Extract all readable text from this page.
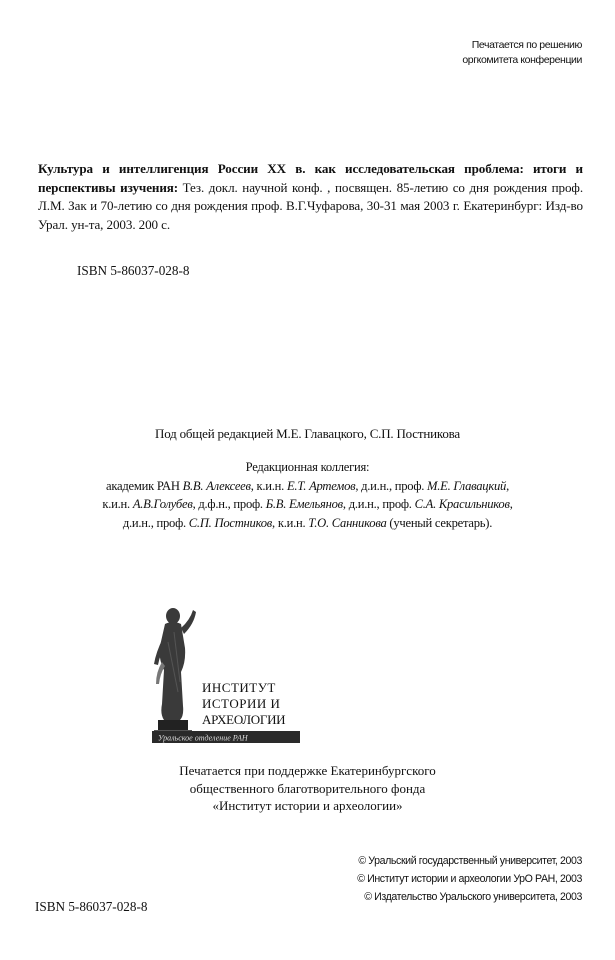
Печатается по решению
оргкомитета конференции
Культура и интеллигенция России XX в. как исследовательская проблема: итоги и перспективы изучения: Тез. докл. научной конф. , посвящен. 85-летию со дня рождения проф. Л.М. Зак и 70-летию со дня рождения проф. В.Г.Чуфарова, 30-31 мая 2003 г. Екатеринбург: Изд-во Урал. ун-та, 2003. 200 с.
ISBN 5-86037-028-8
Под общей редакцией М.Е. Главацкого, С.П. Постникова
Редакционная коллегия:
академик РАН В.В. Алексеев, к.и.н. Е.Т. Артемов, д.и.н., проф. М.Е. Главацкий,
к.и.н. А.В.Голубев, д.ф.н., проф. Б.В. Емельянов, д.и.н., проф. С.А. Красильников,
д.и.н., проф. С.П. Постников, к.и.н. Т.О. Санникова (ученый секретарь).
ИНСТИТУТ
ИСТОРИИ И
АРХЕОЛОГИИ
Уральское отделение РАН
Печатается при поддержке Екатеринбургского
общественного благотворительного фонда
«Институт истории и археологии»
© Уральский государственный университет, 2003
© Институт истории и археологии УрО РАН, 2003
© Издательство Уральского университета, 2003
ISBN 5-86037-028-8
